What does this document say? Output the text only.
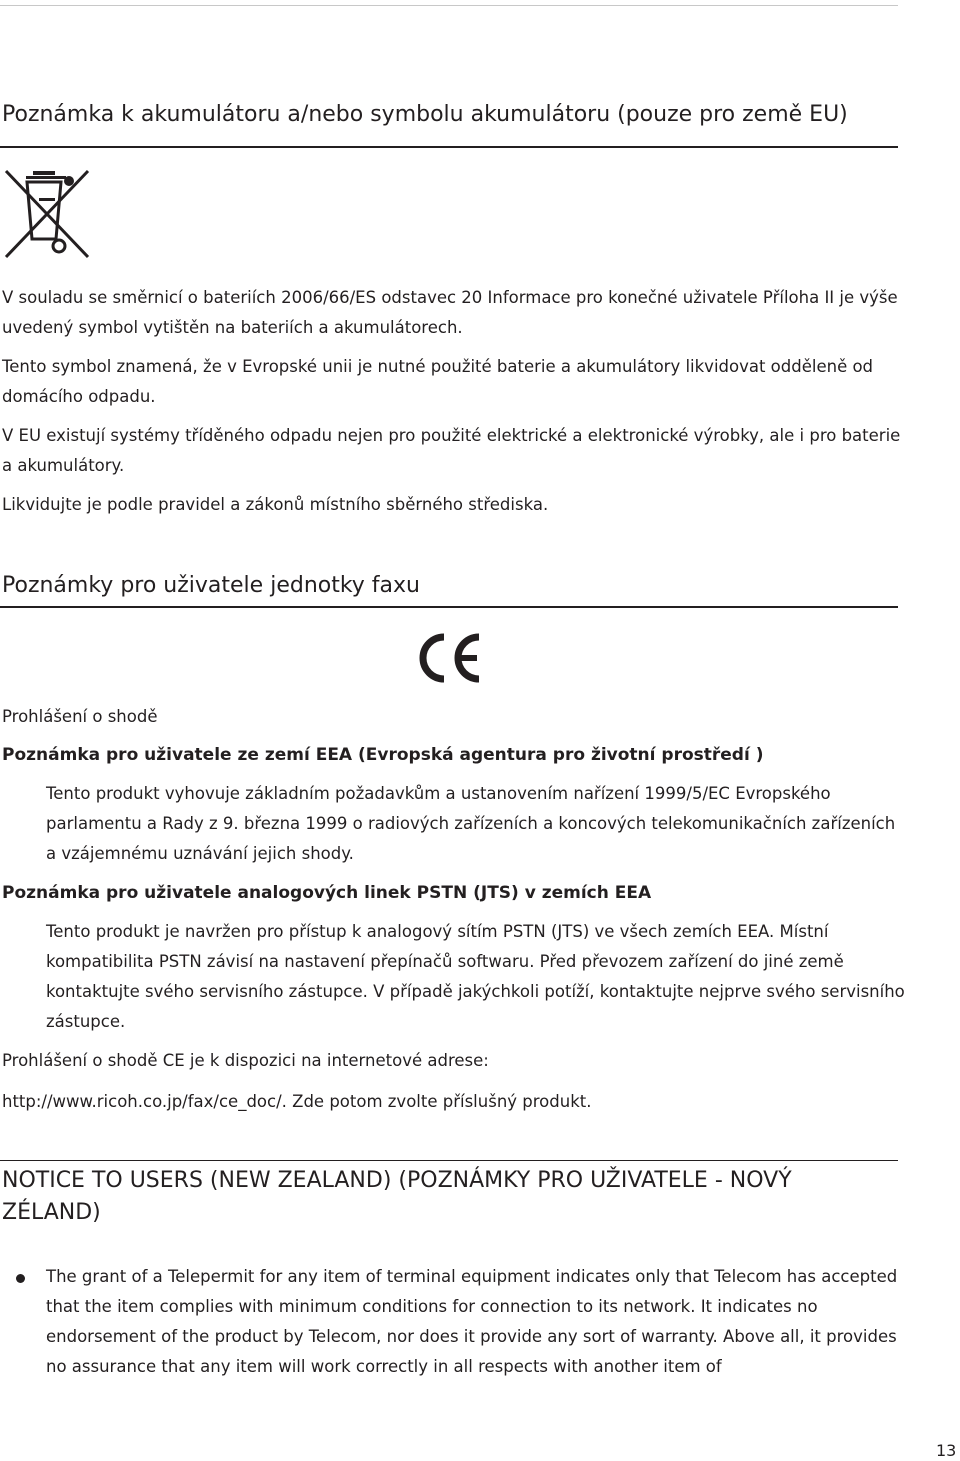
Poznámka k akumulátoru a/nebo symbolu akumulátoru (pouze pro země EU)

V souladu se směrnicí o bateriích 2006/66/ES odstavec 20 Informace pro konečné uživatele Příloha II je výše uvedený symbol vytištěn na bateriích a akumulátorech.

Tento symbol znamená, že v Evropské unii je nutné použité baterie a akumulátory likvidovat odděleně od domácího odpadu.

V EU existují systémy tříděného odpadu nejen pro použité elektrické a elektronické výrobky, ale i pro baterie a akumulátory.

Likvidujte je podle pravidel a zákonů místního sběrného střediska.

Poznámky pro uživatele jednotky faxu

Prohlášení o shodě

Poznámka pro uživatele ze zemí EEA (Evropská agentura pro životní prostředí )

Tento produkt vyhovuje základním požadavkům a ustanovením nařízení 1999/5/EC Evropského parlamentu a Rady z 9. března 1999 o radiových zařízeních a koncových telekomunikačních zařízeních a vzájemnému uznávání jejich shody.

Poznámka pro uživatele analogových linek PSTN (JTS) v zemích EEA

Tento produkt je navržen pro přístup k analogový sítím PSTN (JTS) ve všech zemích EEA. Místní kompatibilita PSTN závisí na nastavení přepínačů softwaru. Před převozem zařízení do jiné země kontaktujte svého servisního zástupce. V případě jakýchkoli potíží, kontaktujte nejprve svého servisního zástupce.

Prohlášení o shodě CE je k dispozici na internetové adrese:

http://www.ricoh.co.jp/fax/ce_doc/. Zde potom zvolte příslušný produkt.

NOTICE TO USERS (NEW ZEALAND) (POZNÁMKY PRO UŽIVATELE - NOVÝ ZÉLAND)

The grant of a Telepermit for any item of terminal equipment indicates only that Telecom has accepted that the item complies with minimum conditions for connection to its network. It indicates no endorsement of the product by Telecom, nor does it provide any sort of warranty. Above all, it provides no assurance that any item will work correctly in all respects with another item of

13
